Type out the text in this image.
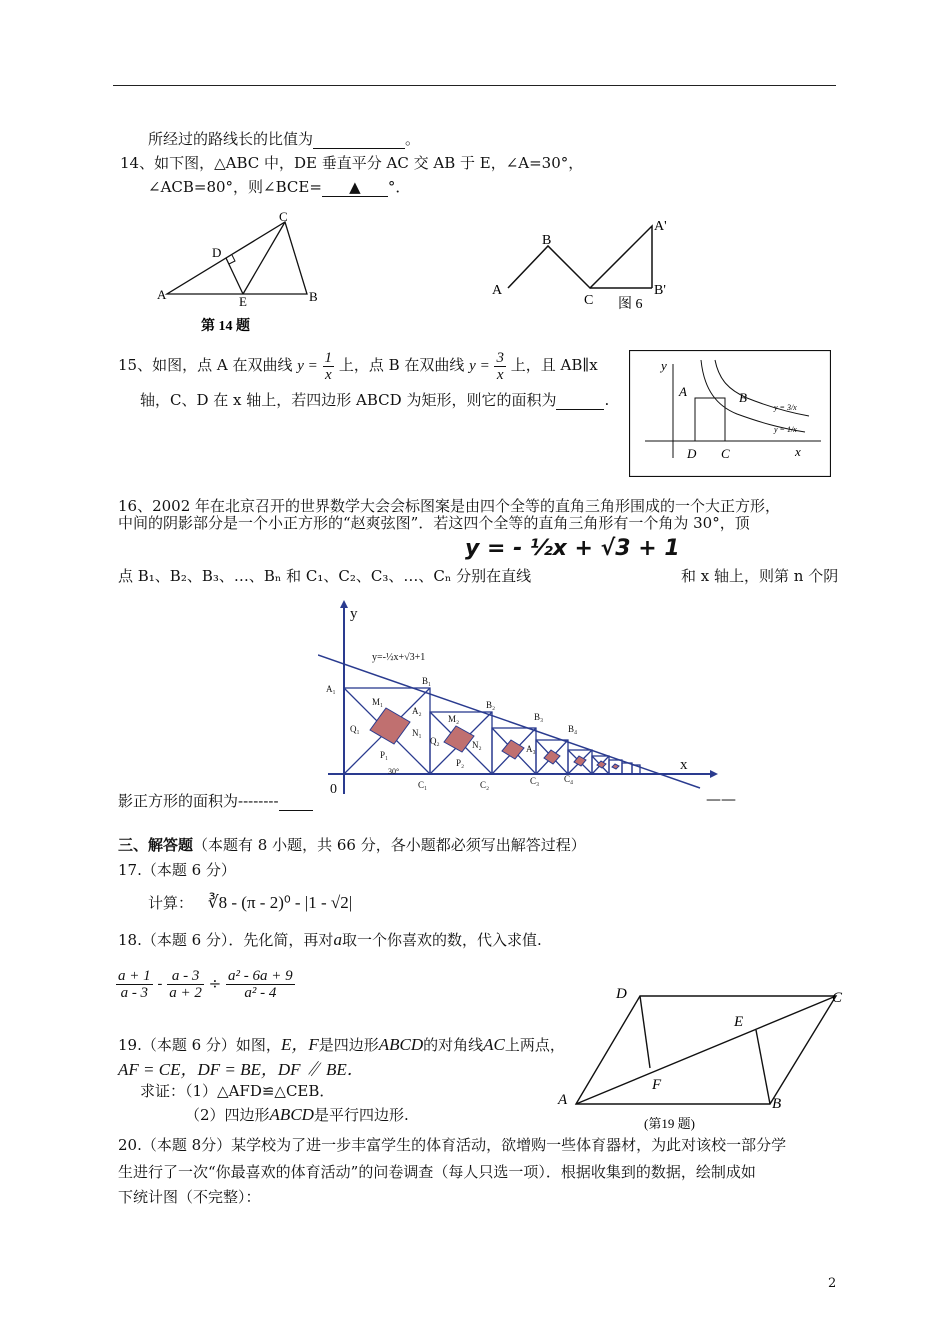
所经过的路线长的比值为	。
14、如下图，△ABC 中，DE 垂直平分 AC 交 AB 于 E，∠A=30°，
∠ACB=80°，则∠BCE= ▲ °．
A	B
C
D
E
第 14 题
A
B
C
A'
B'
图 6
15、如图，点 A 在双曲线 $y = \frac{1}{x}$ 上，点 B 在双曲线 $y = \frac{3}{x}$ 上，且 AB∥x
轴，C、D 在 x 轴上，若四边形 ABCD 为矩形，则它的面积为	.
y
A	B
D C	x
y = 3/x
y = 1/x
16、2002 年在北京召开的世界数学大会会标图案是由四个全等的直角三角形围成的一个大正方形，
中间的阴影部分是一个小正方形的“赵爽弦图”．若这四个全等的直角三角形有一个角为 30°，顶
y = - ½x + √3 + 1
点 B₁、B₂、B₃、…、Bₙ 和 C₁、C₂、C₃、…、Cₙ 分别在直线	和 x 轴上，则第 n 个阴
y
x
0
y=-½x+√3+1
30°
A₁
B₁
C₁
M₁
N₁
P₁
Q₁
A₂
B₂
C₂
M₂
N₂
P₂
Q₂
A₃
B₃
C₃
B₄
C₄
影正方形的面积为--------	——
三、解答题（本题有 8 小题，共 66 分，各小题都必须写出解答过程）
17.（本题 6 分）
计算： ∛8 - (π - 2)⁰ - |1 - √2|
18.（本题 6 分）．先化简，再对a取一个你喜欢的数，代入求值.
$\frac{a + 1}{a - 3} - \frac{a - 3}{a + 2} \div \frac{\text{a² - 6a + 9}}{\text{a² - 4}}$
19.（本题 6 分）如图，E，F是四边形ABCD的对角线AC上两点，
AF = CE，DF = BE，DF ∥ BE．
求证：（1）△AFD≌△CEB．
（2）四边形ABCD是平行四边形.
D	C
E
F
A	B
(第19 题)
20.（本题 8分）某学校为了进一步丰富学生的体育活动，欲增购一些体育器材，为此对该校一部分学
生进行了一次“你最喜欢的体育活动”的问卷调查（每人只选一项）．根据收集到的数据，绘制成如
下统计图（不完整）：
2
